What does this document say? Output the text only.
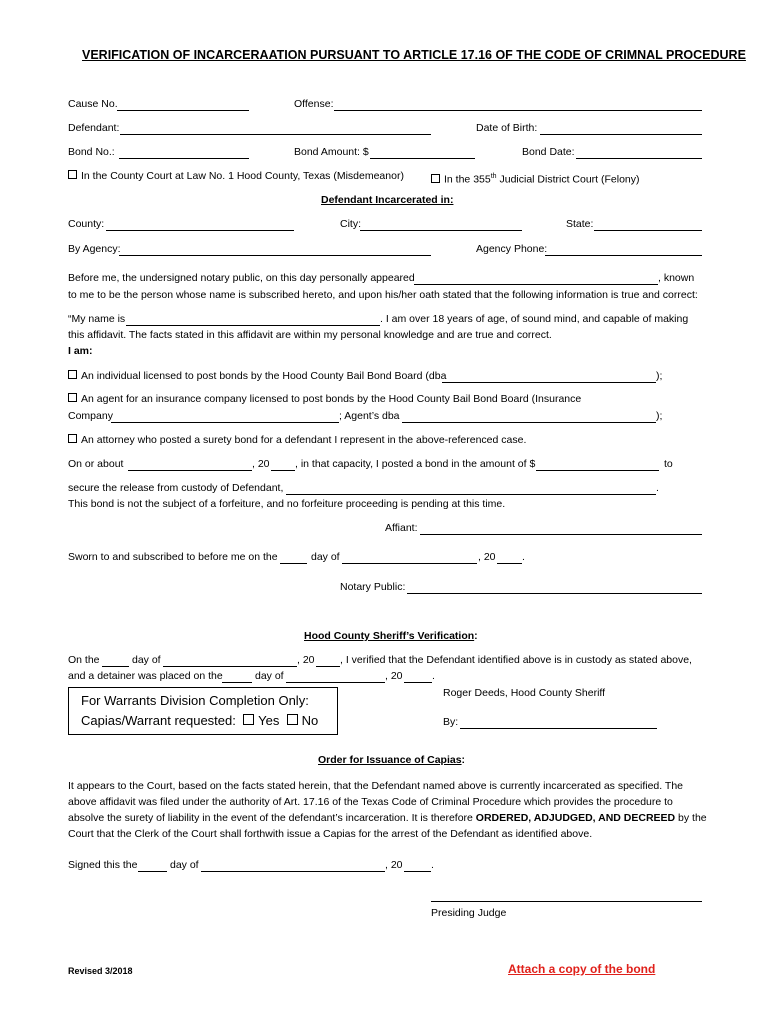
VERIFICATION OF INCARCERAATION PURSUANT TO ARTICLE 17.16 OF THE CODE OF CRIMNAL PROCEDURE
Cause No.	Offense:
Defendant:	Date of Birth:
Bond No.:	Bond Amount: $	Bond Date:
In the County Court at Law No. 1 Hood County, Texas (Misdemeanor)	In the 355th Judicial District Court (Felony)
Defendant Incarcerated in:
County:	City:	State:
By Agency:	Agency Phone:
Before me, the undersigned notary public, on this day personally appeared	, known
to me to be the person whose name is subscribed hereto, and upon his/her oath stated that the following information is true and correct:
“My name is	. I am over 18 years of age, of sound mind, and capable of making
this affidavit. The facts stated in this affidavit are within my personal knowledge and are true and correct.
I am:
An individual licensed to post bonds by the Hood County Bail Bond Board (dba	);
An agent for an insurance company licensed to post bonds by the Hood County Bail Bond Board (Insurance
Company	; Agent’s dba	);
An attorney who posted a surety bond for a defendant I represent in the above-referenced case.
On or about	, 20 , in that capacity, I posted a bond in the amount of $	to
secure the release from custody of Defendant,	.
This bond is not the subject of a forfeiture, and no forfeiture proceeding is pending at this time.
Affiant:
Sworn to and subscribed to before me on the	day of	, 20	.
Notary Public:
Hood County Sheriff’s Verification:
On the	day of	, 20 , I verified that the Defendant identified above is in custody as stated above,
and a detainer was placed on the	day of	, 20	.
Roger Deeds, Hood County Sheriff
By:
For Warrants Division Completion Only:
Capias/Warrant requested: Yes No
Order for Issuance of Capias:
It appears to the Court, based on the facts stated herein, that the Defendant named above is currently incarcerated as specified. The
above affidavit was filed under the authority of Art. 17.16 of the Texas Code of Criminal Procedure which provides the procedure to
absolve the surety of liability in the event of the defendant’s incarceration. It is therefore ORDERED, ADJUDGED, AND DECREED by the
Court that the Clerk of the Court shall forthwith issue a Capias for the arrest of the Defendant as identified above.
Signed this the	day of	, 20	.
Presiding Judge
Revised 3/2018	Attach a copy of the bond
